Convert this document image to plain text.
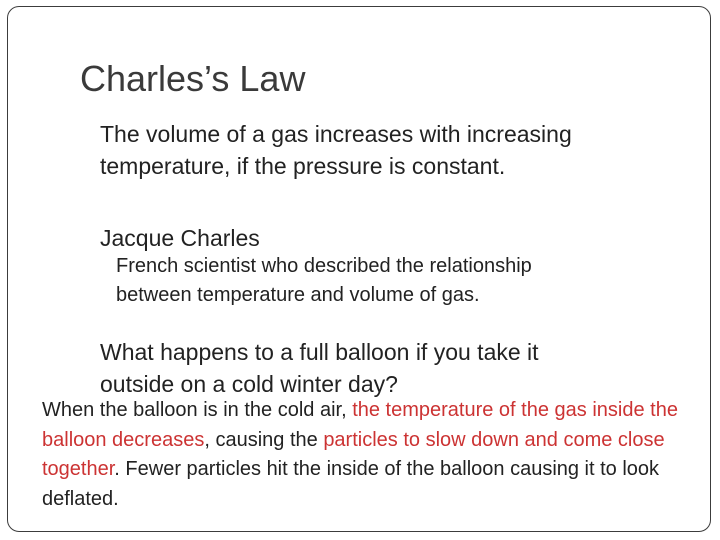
Charles’s Law
The volume of a gas increases with increasing
temperature, if the pressure is constant.
Jacque Charles
French scientist who described the relationship between temperature and volume of gas.
What happens to a full balloon if you take it
outside on a cold winter day?
When the balloon is in the cold air, the temperature of the gas inside the balloon decreases, causing the particles to slow down and come close together. Fewer particles hit the inside of the balloon causing it to look deflated.
